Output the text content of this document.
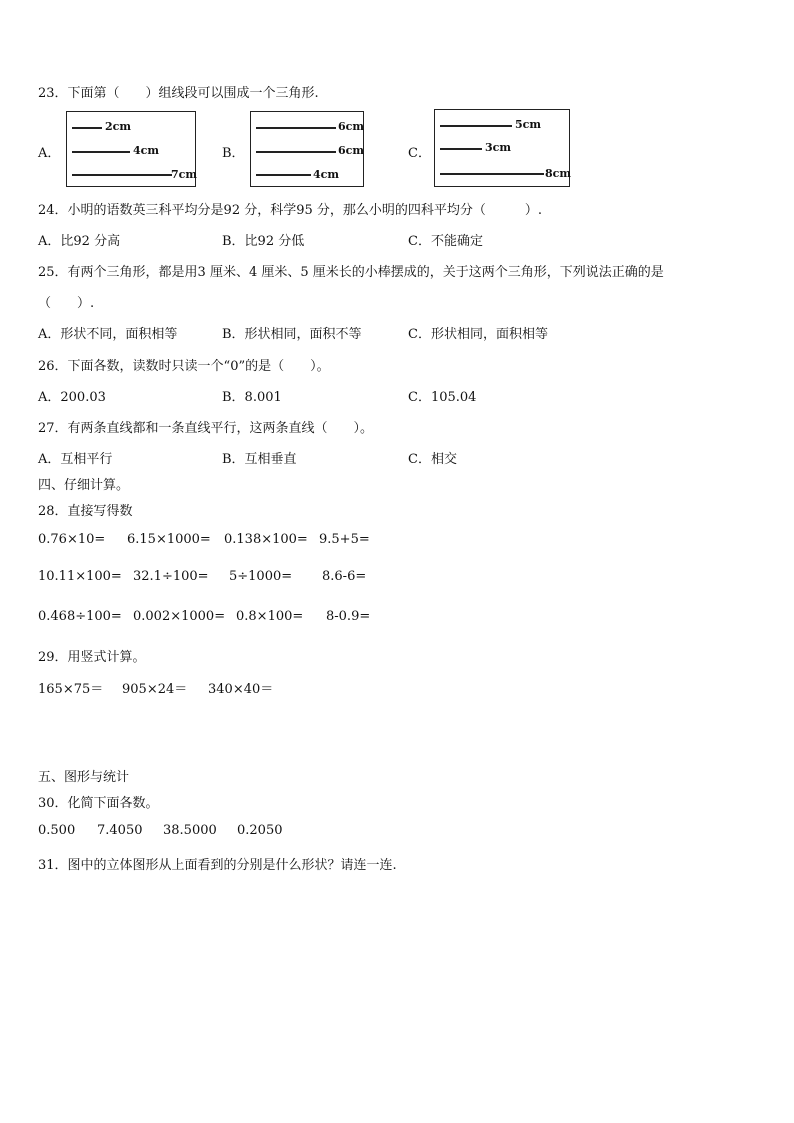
23．下面第（　　）组线段可以围成一个三角形.
A．
2cm
4cm
7cm
B．
6cm
6cm
4cm
C．
5cm
3cm
8cm
24．小明的语数英三科平均分是92 分，科学95 分，那么小明的四科平均分（　　　）.
A．比92 分高	B．比92 分低	C．不能确定
25．有两个三角形，都是用3 厘米、4 厘米、5 厘米长的小棒摆成的，关于这两个三角形，下列说法正确的是
（　　）.
A．形状不同，面积相等	B．形状相同，面积不等	C．形状相同，面积相等
26．下面各数，读数时只读一个“0”的是（　　）。
A．200.03	B．8.001	C．105.04
27．有两条直线都和一条直线平行，这两条直线（　　）。
A．互相平行	B．互相垂直	C．相交
四、仔细计算。
28．直接写得数
0.76×10= 6.15×1000= 0.138×100= 9.5+5=
10.11×100= 32.1÷100= 5÷1000= 8.6-6=
0.468÷100= 0.002×1000= 0.8×100= 8-0.9=
29．用竖式计算。
165×75＝ 905×24＝ 340×40＝
五、图形与统计
30．化简下面各数。
0.500 7.4050 38.5000 0.2050
31．图中的立体图形从上面看到的分别是什么形状？请连一连.
